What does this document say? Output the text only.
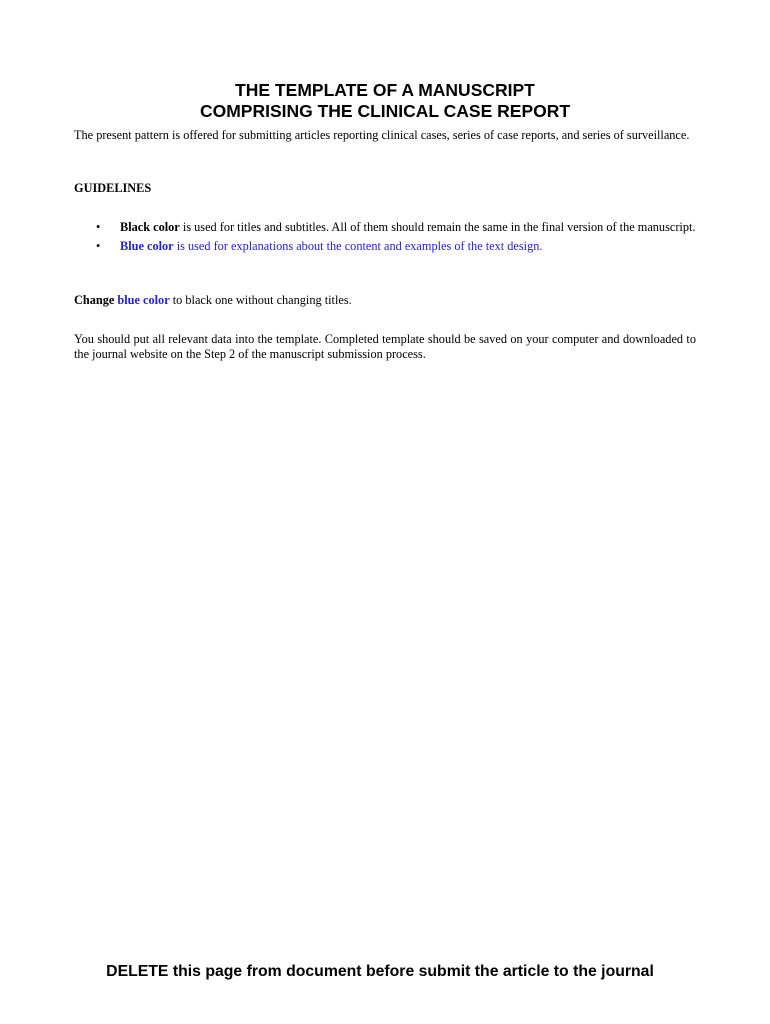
THE TEMPLATE OF A MANUSCRIPT
COMPRISING THE CLINICAL CASE REPORT

The present pattern is offered for submitting articles reporting clinical cases, series of case reports, and series of surveillance.

GUIDELINES

• Black color is used for titles and subtitles. All of them should remain the same in the final version of the manuscript.
• Blue color is used for explanations about the content and examples of the text design.

Change blue color to black one without changing titles.

You should put all relevant data into the template. Completed template should be saved on your computer and downloaded to the journal website on the Step 2 of the manuscript submission process.

DELETE this page from document before submit the article to the journal
